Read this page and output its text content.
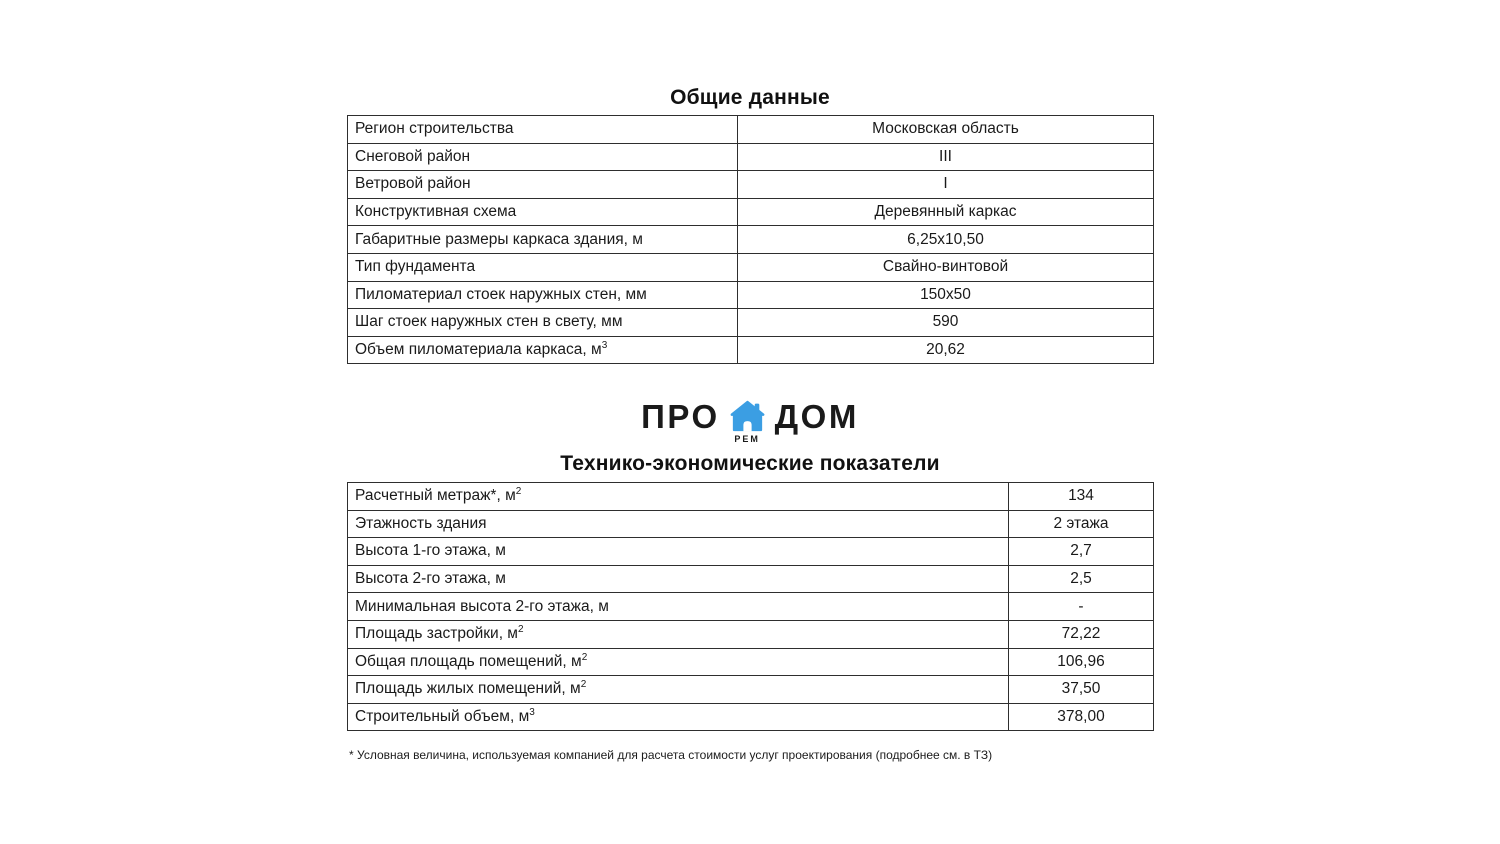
Общие данные
Регион строительства	Московская область
Снеговой район	III
Ветровой район	I
Конструктивная схема	Деревянный каркас
Габаритные размеры каркаса здания, м	6,25х10,50
Тип фундамента	Свайно-винтовой
Пиломатериал стоек наружных стен, мм	150х50
Шаг стоек наружных стен в свету, мм	590
Объем пиломатериала каркаса, $м^3$	20,62
ПРО
РЕМ
ДОМ
Технико-экономические показатели
Расчетный метраж*, $м^2$	134
Этажность здания	2 этажа
Высота 1-го этажа, м	2,7
Высота 2-го этажа, м	2,5
Минимальная высота 2-го этажа, м	-
Площадь застройки, $м^2$	72,22
Общая площадь помещений, $м^2$	106,96
Площадь жилых помещений, $м^2$	37,50
Строительный объем, $м^3$	378,00
* Условная величина, используемая компанией для расчета стоимости услуг проектирования (подробнее см. в ТЗ)
